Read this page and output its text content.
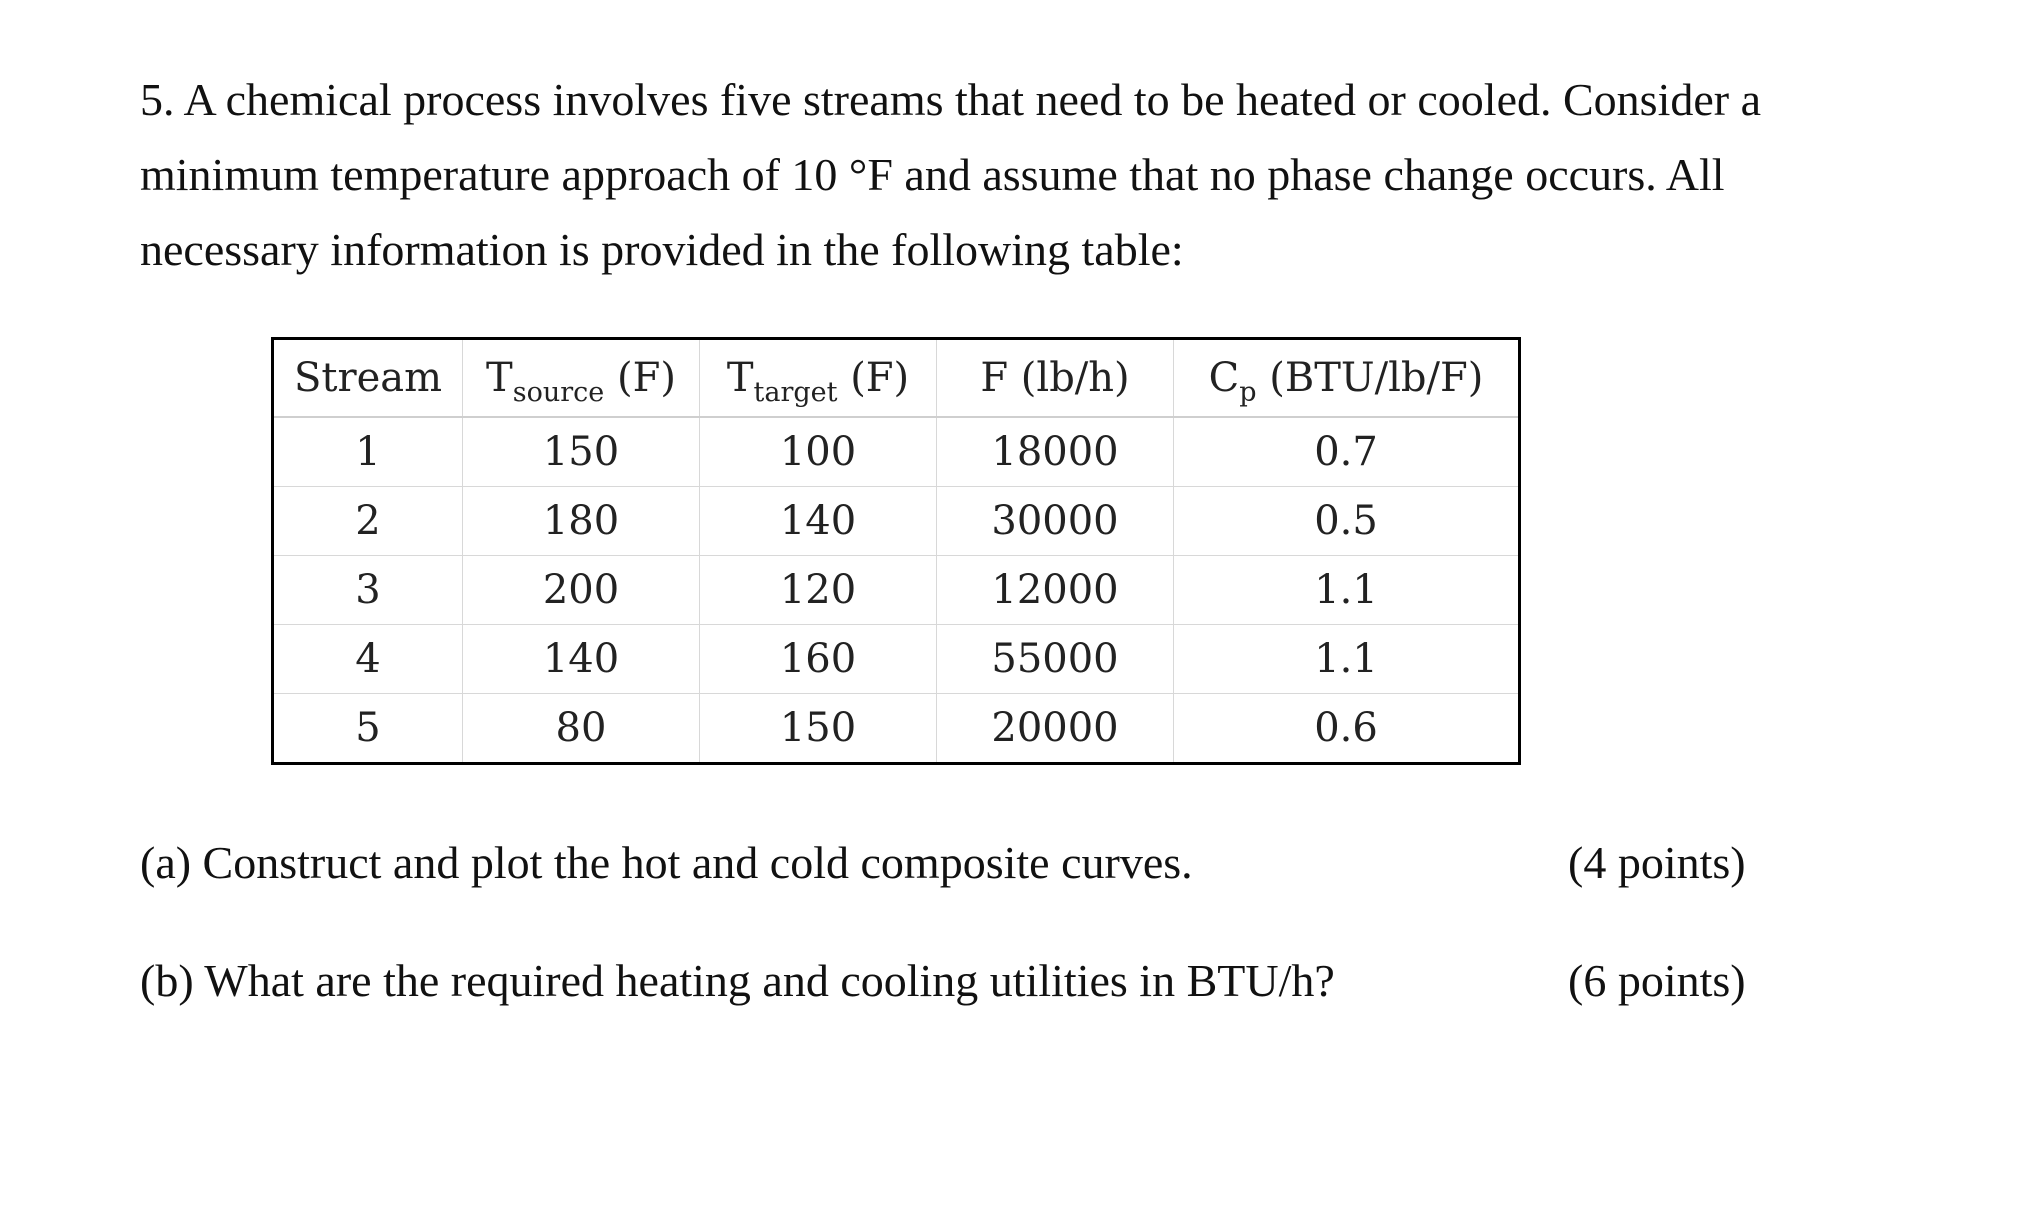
5. A chemical process involves five streams that need to be heated or cooled. Consider a
minimum temperature approach of 10 °F and assume that no phase change occurs. All
necessary information is provided in the following table:

Stream	$T_{source}$ (F)	$T_{target}$ (F)	F (lb/h)	$C_p$ (BTU/lb/F)
1	150	100	18000	0.7
2	180	140	30000	0.5
3	200	120	12000	1.1
4	140	160	55000	1.1
5	80	150	20000	0.6
(a) Construct and plot the hot and cold composite curves.	(4 points)
(b) What are the required heating and cooling utilities in BTU/h?	(6 points)
